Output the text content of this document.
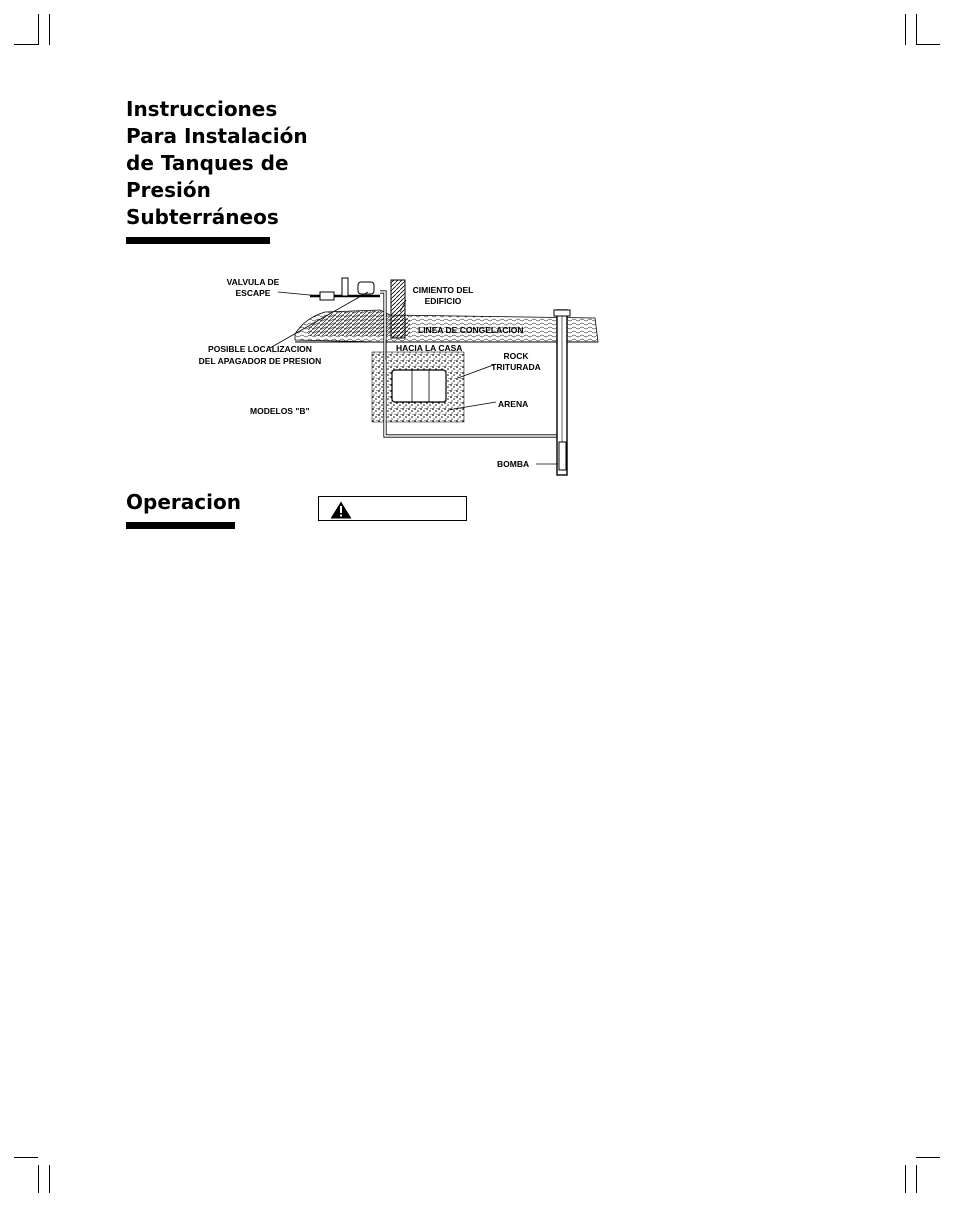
Instrucciones
Para Instalación
de Tanques de
Presión
Subterráneos
VALVULA DE
ESCAPE	CIMIENTO DEL
EDIFICIO
LINEA DE CONGELACION
POSIBLE LOCALIZACION
DEL APAGADOR DE PRESION
HACIA LA CASA
ROCK
TRITURADA
ARENA
MODELOS "B"
BOMBA
Operacion
